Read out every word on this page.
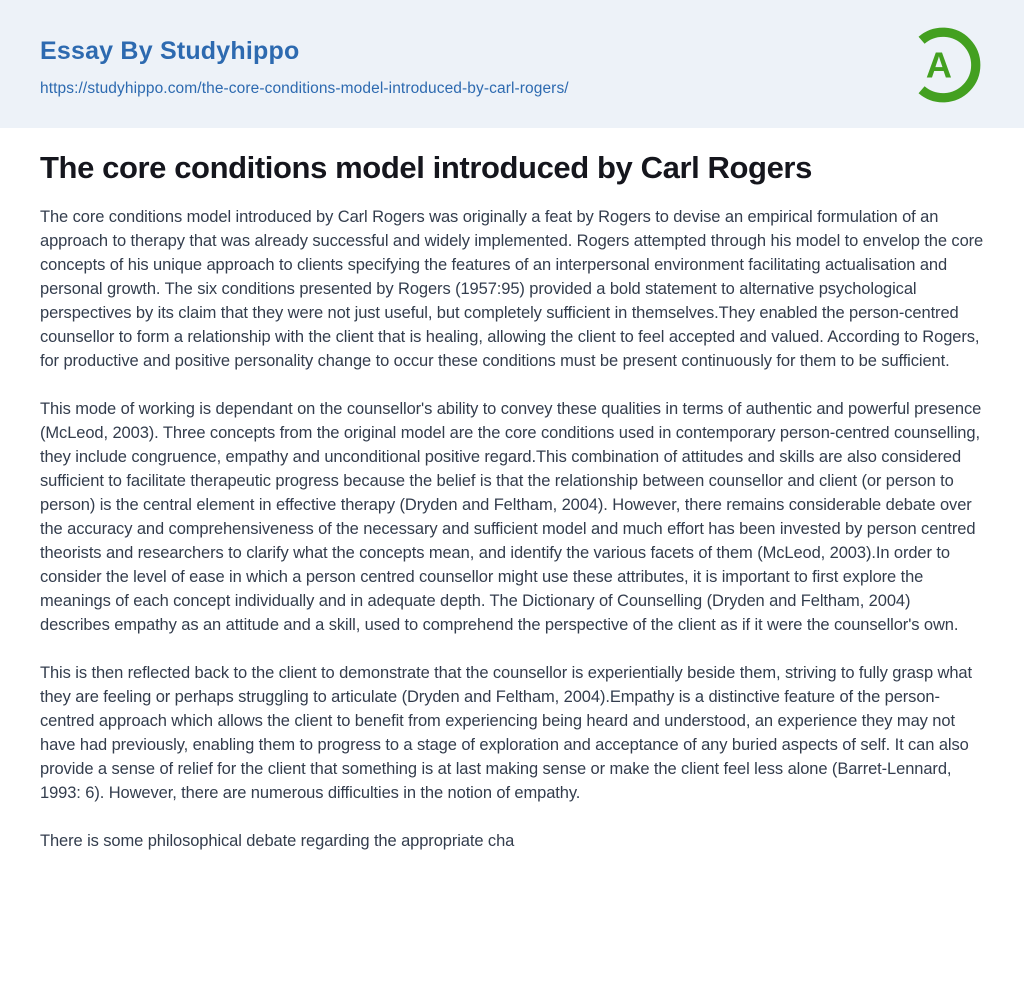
Essay By Studyhippo
https://studyhippo.com/the-core-conditions-model-introduced-by-carl-rogers/
A
The core conditions model introduced by Carl Rogers

The core conditions model introduced by Carl Rogers was originally a feat by Rogers to devise an empirical formulation of an approach to therapy that was already successful and widely implemented. Rogers attempted through his model to envelop the core concepts of his unique approach to clients specifying the features of an interpersonal environment facilitating actualisation and personal growth. The six conditions presented by Rogers (1957:95) provided a bold statement to alternative psychological perspectives by its claim that they were not just useful, but completely sufficient in themselves.They enabled the person-centred counsellor to form a relationship with the client that is healing, allowing the client to feel accepted and valued. According to Rogers, for productive and positive personality change to occur these conditions must be present continuously for them to be sufficient.

This mode of working is dependant on the counsellor's ability to convey these qualities in terms of authentic and powerful presence (McLeod, 2003). Three concepts from the original model are the core conditions used in contemporary person-centred counselling, they include congruence, empathy and unconditional positive regard.This combination of attitudes and skills are also considered sufficient to facilitate therapeutic progress because the belief is that the relationship between counsellor and client (or person to person) is the central element in effective therapy (Dryden and Feltham, 2004). However, there remains considerable debate over the accuracy and comprehensiveness of the necessary and sufficient model and much effort has been invested by person centred theorists and researchers to clarify what the concepts mean, and identify the various facets of them (McLeod, 2003).In order to consider the level of ease in which a person centred counsellor might use these attributes, it is important to first explore the meanings of each concept individually and in adequate depth. The Dictionary of Counselling (Dryden and Feltham, 2004) describes empathy as an attitude and a skill, used to comprehend the perspective of the client as if it were the counsellor's own.

This is then reflected back to the client to demonstrate that the counsellor is experientially beside them, striving to fully grasp what they are feeling or perhaps struggling to articulate (Dryden and Feltham, 2004).Empathy is a distinctive feature of the person-centred approach which allows the client to benefit from experiencing being heard and understood, an experience they may not have had previously, enabling them to progress to a stage of exploration and acceptance of any buried aspects of self. It can also provide a sense of relief for the client that something is at last making sense or make the client feel less alone (Barret-Lennard, 1993: 6). However, there are numerous difficulties in the notion of empathy.

There is some philosophical debate regarding the appropriate cha
